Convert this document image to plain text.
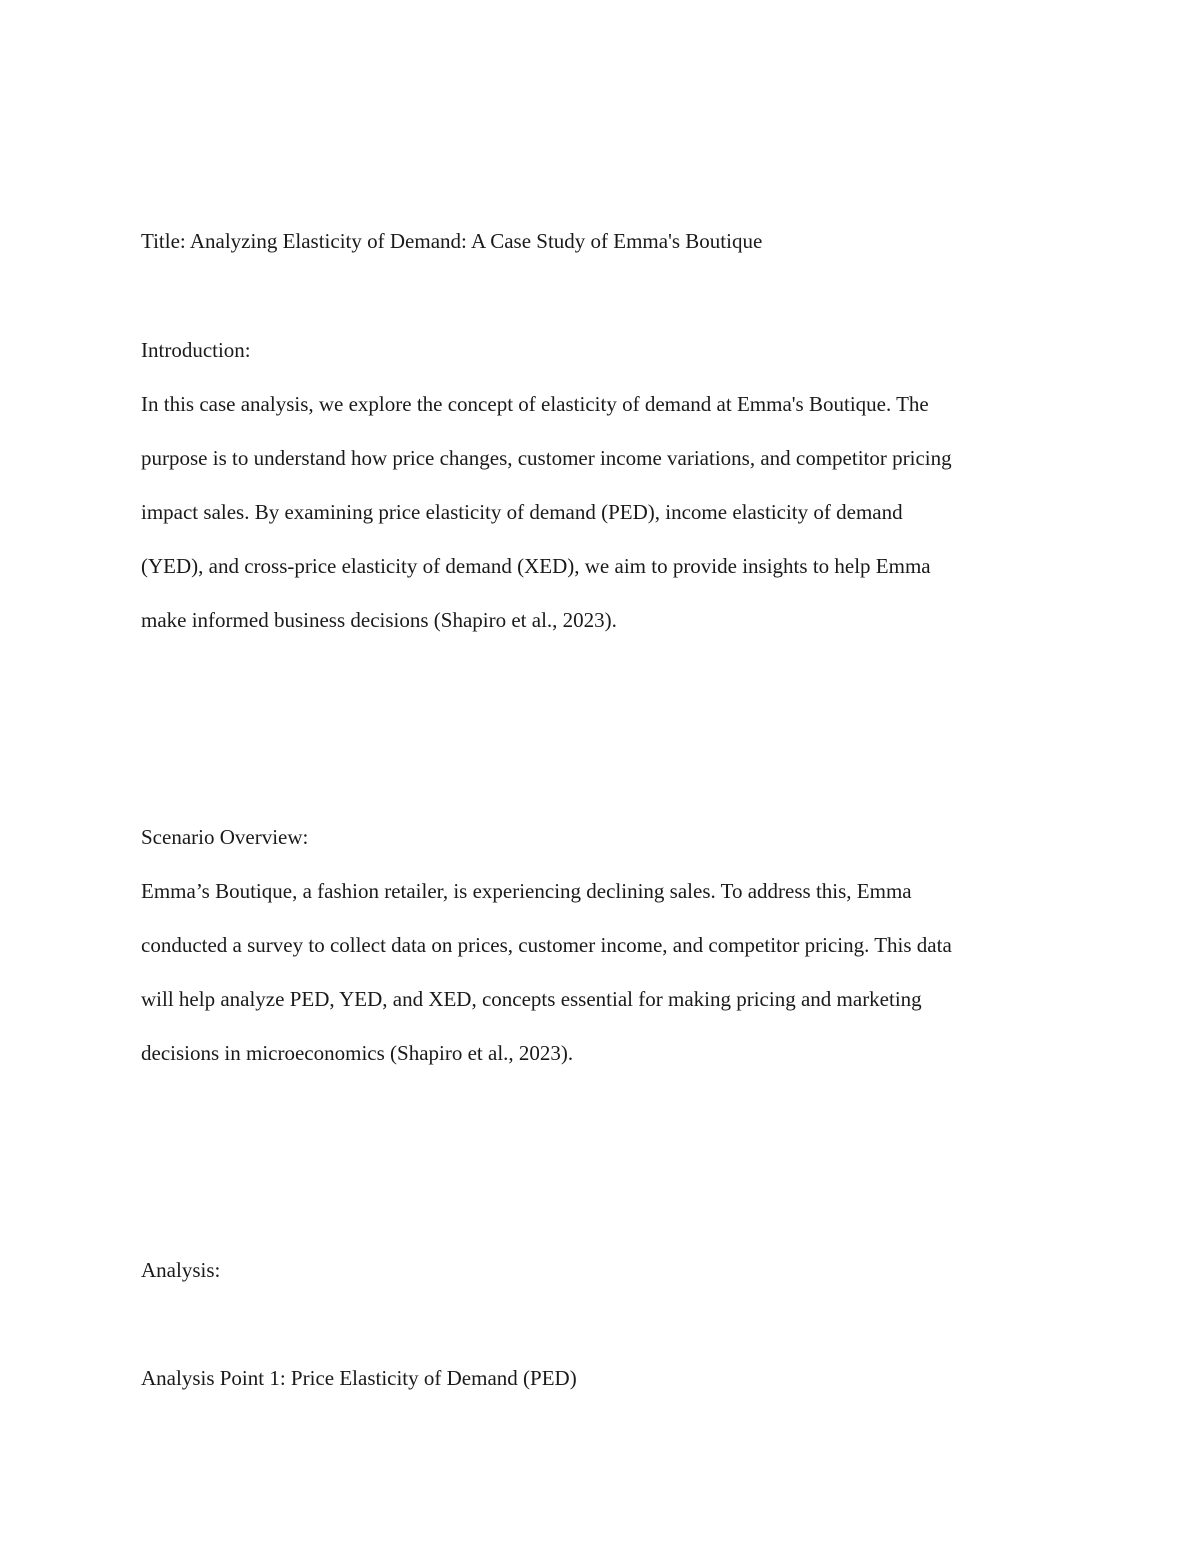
Title: Analyzing Elasticity of Demand: A Case Study of Emma's Boutique

Introduction:

In this case analysis, we explore the concept of elasticity of demand at Emma's Boutique. The

purpose is to understand how price changes, customer income variations, and competitor pricing

impact sales. By examining price elasticity of demand (PED), income elasticity of demand

(YED), and cross-price elasticity of demand (XED), we aim to provide insights to help Emma

make informed business decisions (Shapiro et al., 2023).

Scenario Overview:

Emma’s Boutique, a fashion retailer, is experiencing declining sales. To address this, Emma

conducted a survey to collect data on prices, customer income, and competitor pricing. This data

will help analyze PED, YED, and XED, concepts essential for making pricing and marketing

decisions in microeconomics (Shapiro et al., 2023).

Analysis:

Analysis Point 1: Price Elasticity of Demand (PED)
